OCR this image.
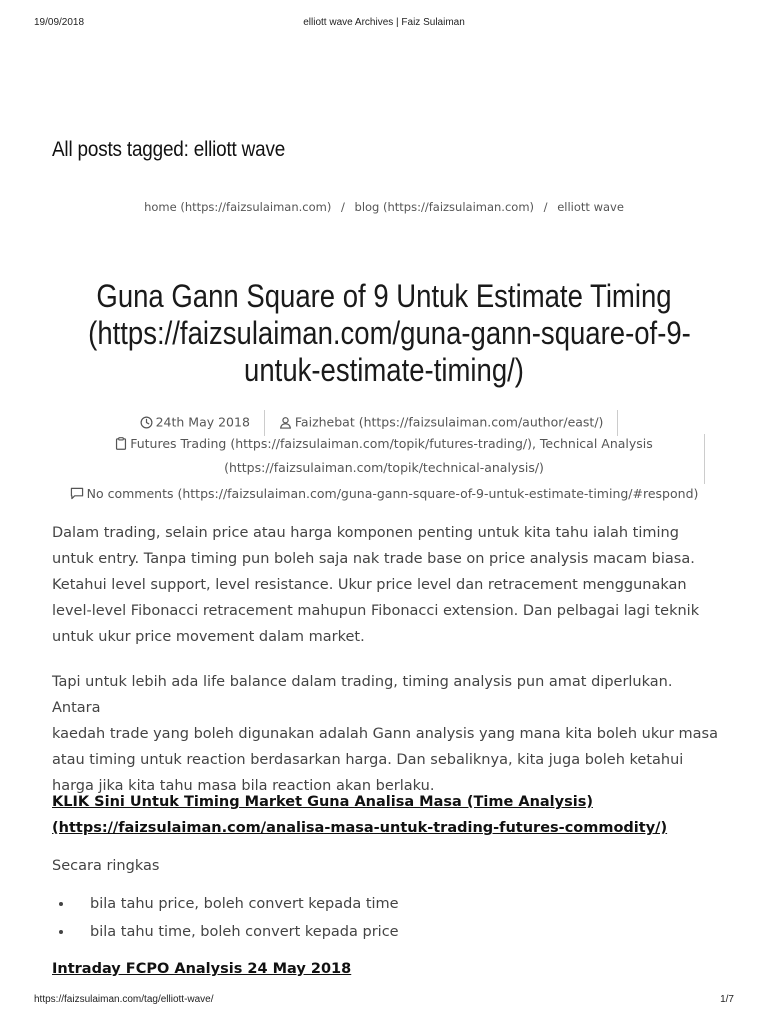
19/09/2018	elliott wave Archives | Faiz Sulaiman
All posts tagged: elliott wave
home (https://faizsulaiman.com) / blog (https://faizsulaiman.com) / elliott wave
Guna Gann Square of 9 Untuk Estimate Timing
(https://faizsulaiman.com/guna-gann-square-of-9-
untuk-estimate-timing/)
24th May 2018	Faizhebat (https://faizsulaiman.com/author/east/)
Futures Trading (https://faizsulaiman.com/topik/futures-trading/), Technical Analysis
(https://faizsulaiman.com/topik/technical-analysis/)
No comments (https://faizsulaiman.com/guna-gann-square-of-9-untuk-estimate-timing/#respond)

Dalam trading, selain price atau harga komponen penting untuk kita tahu ialah timing

untuk entry. Tanpa timing pun boleh saja nak trade base on price analysis macam biasa.

Ketahui level support, level resistance. Ukur price level dan retracement menggunakan

level-level Fibonacci retracement mahupun Fibonacci extension. Dan pelbagai lagi teknik

untuk ukur price movement dalam market.

Tapi untuk lebih ada life balance dalam trading, timing analysis pun amat diperlukan. Antara

kaedah trade yang boleh digunakan adalah Gann analysis yang mana kita boleh ukur masa

atau timing untuk reaction berdasarkan harga. Dan sebaliknya, kita juga boleh ketahui

harga jika kita tahu masa bila reaction akan berlaku.

KLIK Sini Untuk Timing Market Guna Analisa Masa (Time Analysis)
(https://faizsulaiman.com/analisa-masa-untuk-trading-futures-commodity/)

Secara ringkas

• bila tahu price, boleh convert kepada time
• bila tahu time, boleh convert kepada price
Intraday FCPO Analysis 24 May 2018
https://faizsulaiman.com/tag/elliott-wave/	1/7
